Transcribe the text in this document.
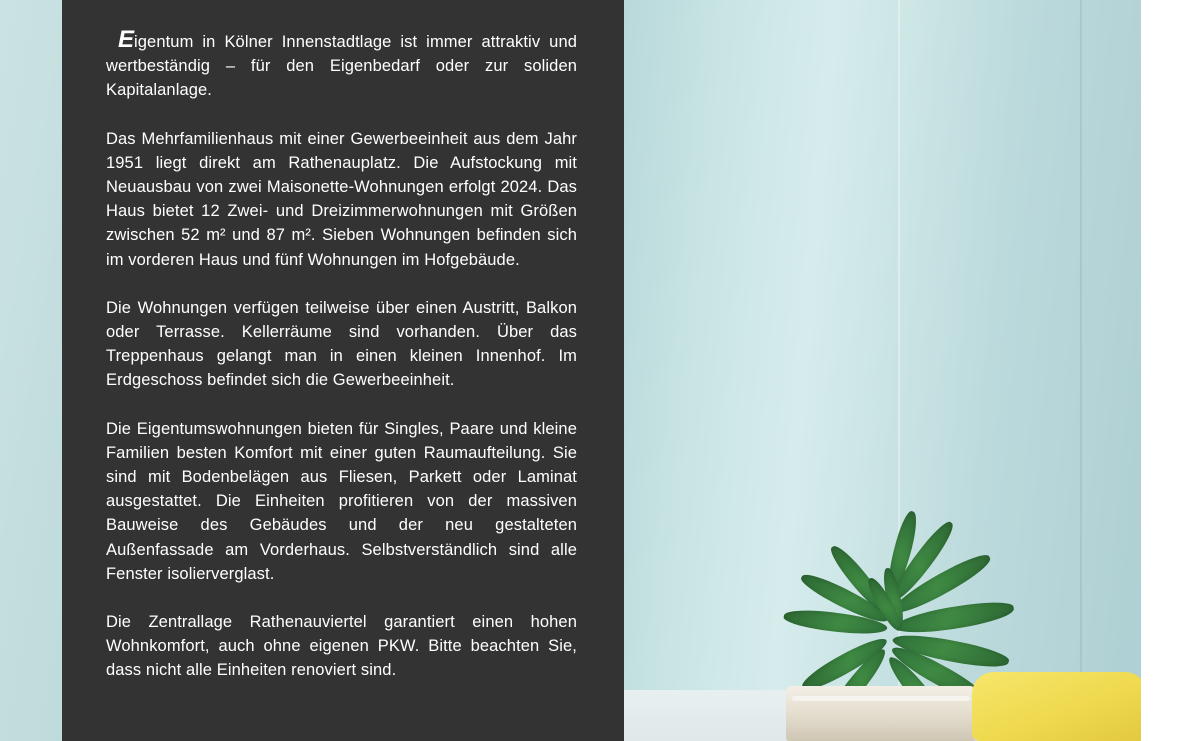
Eigentum in Kölner Innenstadtlage ist immer attraktiv und wertbeständig – für den Eigenbedarf oder zur soliden Kapitalanlage.

Das Mehrfamilienhaus mit einer Gewerbeeinheit aus dem Jahr 1951 liegt direkt am Rathenauplatz. Die Aufstockung mit Neuausbau von zwei Maisonette-Wohnungen erfolgt 2024. Das Haus bietet 12 Zwei- und Dreizimmerwohnungen mit Größen zwischen 52 m² und 87 m². Sieben Wohnungen befinden sich im vorderen Haus und fünf Wohnungen im Hofgebäude.

Die Wohnungen verfügen teilweise über einen Austritt, Balkon oder Terrasse. Kellerräume sind vorhanden. Über das Treppenhaus gelangt man in einen kleinen Innenhof. Im Erdgeschoss befindet sich die Gewerbeeinheit.

Die Eigentumswohnungen bieten für Singles, Paare und kleine Familien besten Komfort mit einer guten Raumaufteilung. Sie sind mit Bodenbelägen aus Fliesen, Parkett oder Laminat ausgestattet. Die Einheiten profitieren von der massiven Bauweise des Gebäudes und der neu gestalteten Außenfassade am Vorderhaus. Selbstverständlich sind alle Fenster isolierverglast.

Die Zentrallage Rathenauviertel garantiert einen hohen Wohnkomfort, auch ohne eigenen PKW. Bitte beachten Sie, dass nicht alle Einheiten renoviert sind.
